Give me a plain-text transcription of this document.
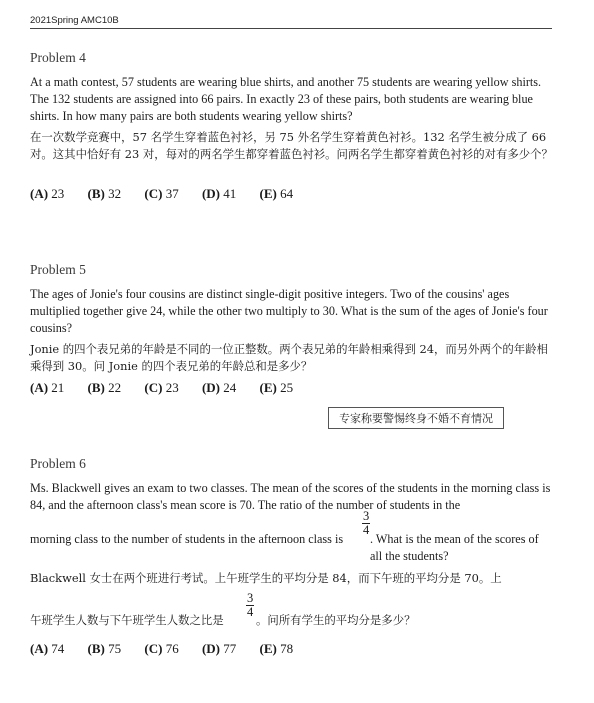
2021Spring AMC10B
Problem 4

At a math contest, 57 students are wearing blue shirts, and another 75 students are wearing yellow shirts. The 132 students are assigned into 66 pairs. In exactly 23 of these pairs, both students are wearing blue shirts. In how many pairs are both students wearing yellow shirts?

在一次数学竞赛中，57 名学生穿着蓝色衬衫，另 75 外名学生穿着黄色衬衫。132 名学生被分成了 66 对。这其中恰好有 23 对，每对的两名学生都穿着蓝色衬衫。问两名学生都穿着黄色衬衫的对有多少个？

(A) 23 (B) 32 (C) 37 (D) 41 (E) 64
Problem 5

The ages of Jonie's four cousins are distinct single-digit positive integers. Two of the cousins' ages multiplied together give 24, while the other two multiply to 30. What is the sum of the ages of Jonie's four cousins?

Jonie 的四个表兄弟的年龄是不同的一位正整数。两个表兄弟的年龄相乘得到 24，而另外两个的年龄相乘得到 30。问 Jonie 的四个表兄弟的年龄总和是多少？

(A) 21 (B) 22 (C) 23 (D) 24 (E) 25
专家称要警惕终身不婚不育情况
Problem 6

Ms. Blackwell gives an exam to two classes. The mean of the scores of the students in the morning class is 84, and the afternoon class's mean score is 70. The ratio of the number of students in the

$\frac{3}{4}$

morning class to the number of students in the afternoon class is	. What is the mean of the scores of all the students?

Blackwell 女士在两个班进行考试。上午班学生的平均分是 84，而下午班的平均分是 70。上

$\frac{3}{4}$

午班学生人数与下午班学生人数之比是	。问所有学生的平均分是多少？

(A) 74 (B) 75 (C) 76 (D) 77 (E) 78
